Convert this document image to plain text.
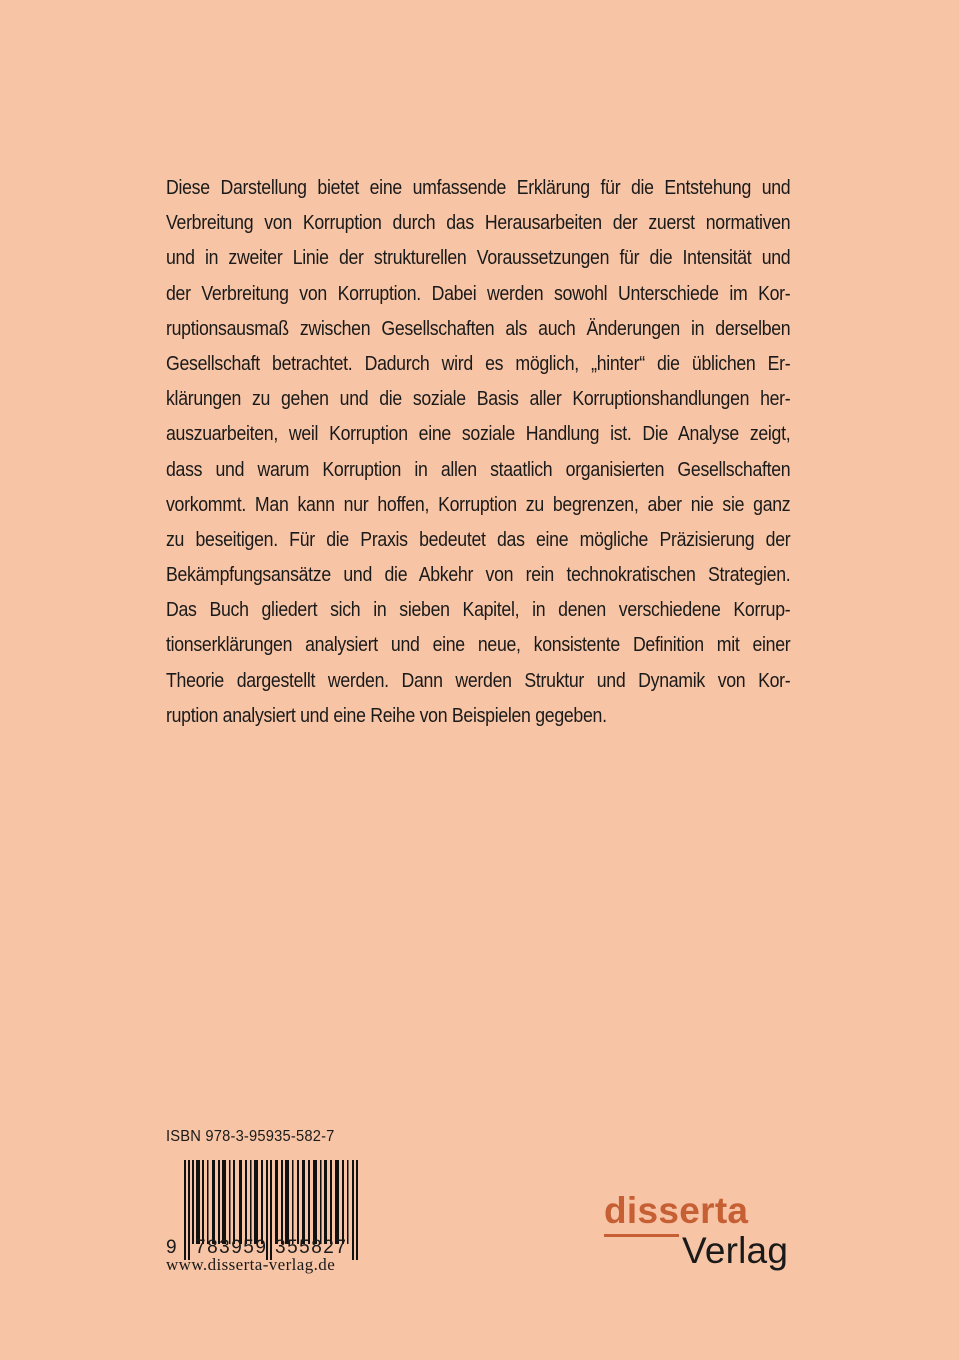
Diese Darstellung bietet eine umfassende Erklärung für die Entstehung und
Verbreitung von Korruption durch das Herausarbeiten der zuerst normativen
und in zweiter Linie der strukturellen Voraussetzungen für die Intensität und
der Verbreitung von Korruption. Dabei werden sowohl Unterschiede im Kor-
ruptionsausmaß zwischen Gesellschaften als auch Änderungen in derselben
Gesellschaft betrachtet. Dadurch wird es möglich, „hinter“ die üblichen Er-
klärungen zu gehen und die soziale Basis aller Korruptionshandlungen her-
auszuarbeiten, weil Korruption eine soziale Handlung ist. Die Analyse zeigt,
dass und warum Korruption in allen staatlich organisierten Gesellschaften
vorkommt. Man kann nur hoffen, Korruption zu begrenzen, aber nie sie ganz
zu beseitigen. Für die Praxis bedeutet das eine mögliche Präzisierung der
Bekämpfungsansätze und die Abkehr von rein technokratischen Strategien.
Das Buch gliedert sich in sieben Kapitel, in denen verschiedene Korrup-
tionserklärungen analysiert und eine neue, konsistente Definition mit einer
Theorie dargestellt werden. Dann werden Struktur und Dynamik von Kor-
ruption analysiert und eine Reihe von Beispielen gegeben.
ISBN 978-3-95935-582-7
9 783959 355827
www.disserta-verlag.de
disserta
Verlag
